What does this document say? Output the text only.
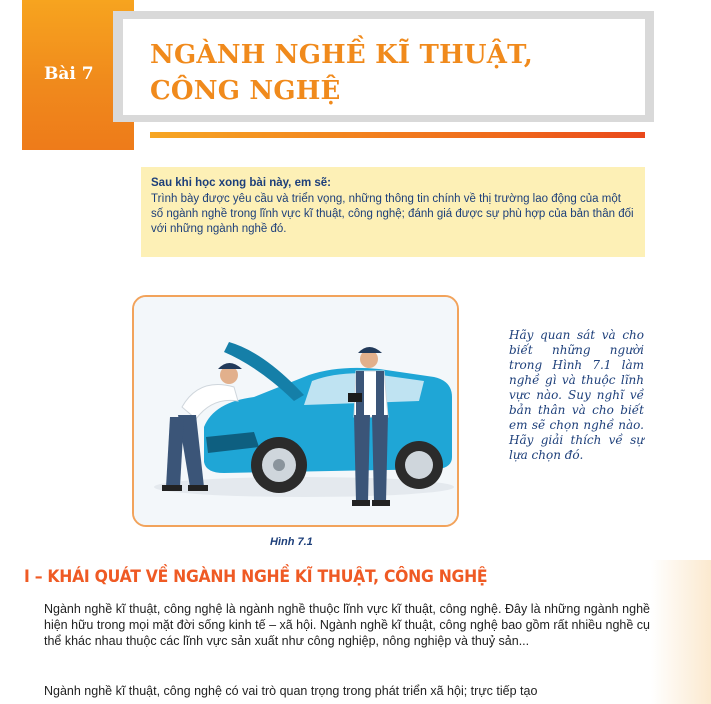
Bài 7
NGÀNH NGHỀ KĨ THUẬT,
CÔNG NGHỆ
Sau khi học xong bài này, em sẽ:
Trình bày được yêu cầu và triển vọng, những thông tin chính về thị trường lao động của một số ngành nghề trong lĩnh vực kĩ thuật, công nghệ; đánh giá được sự phù hợp của bản thân đối với những ngành nghề đó.
Hình 7.1
Hãy quan sát và cho biết những người trong Hình 7.1 làm nghề gì và thuộc lĩnh vực nào. Suy nghĩ về bản thân và cho biết em sẽ chọn nghề nào. Hãy giải thích về sự lựa chọn đó.
I – KHÁI QUÁT VỀ NGÀNH NGHỀ KĨ THUẬT, CÔNG NGHỆ
Ngành nghề kĩ thuật, công nghệ là ngành nghề thuộc lĩnh vực kĩ thuật, công nghệ. Đây là những ngành nghề hiện hữu trong mọi mặt đời sống kinh tế – xã hội. Ngành nghề kĩ thuật, công nghệ bao gồm rất nhiều nghề cụ thể khác nhau thuộc các lĩnh vực sản xuất như công nghiệp, nông nghiệp và thuỷ sản...
Ngành nghề kĩ thuật, công nghệ có vai trò quan trọng trong phát triển xã hội; trực tiếp tạo
